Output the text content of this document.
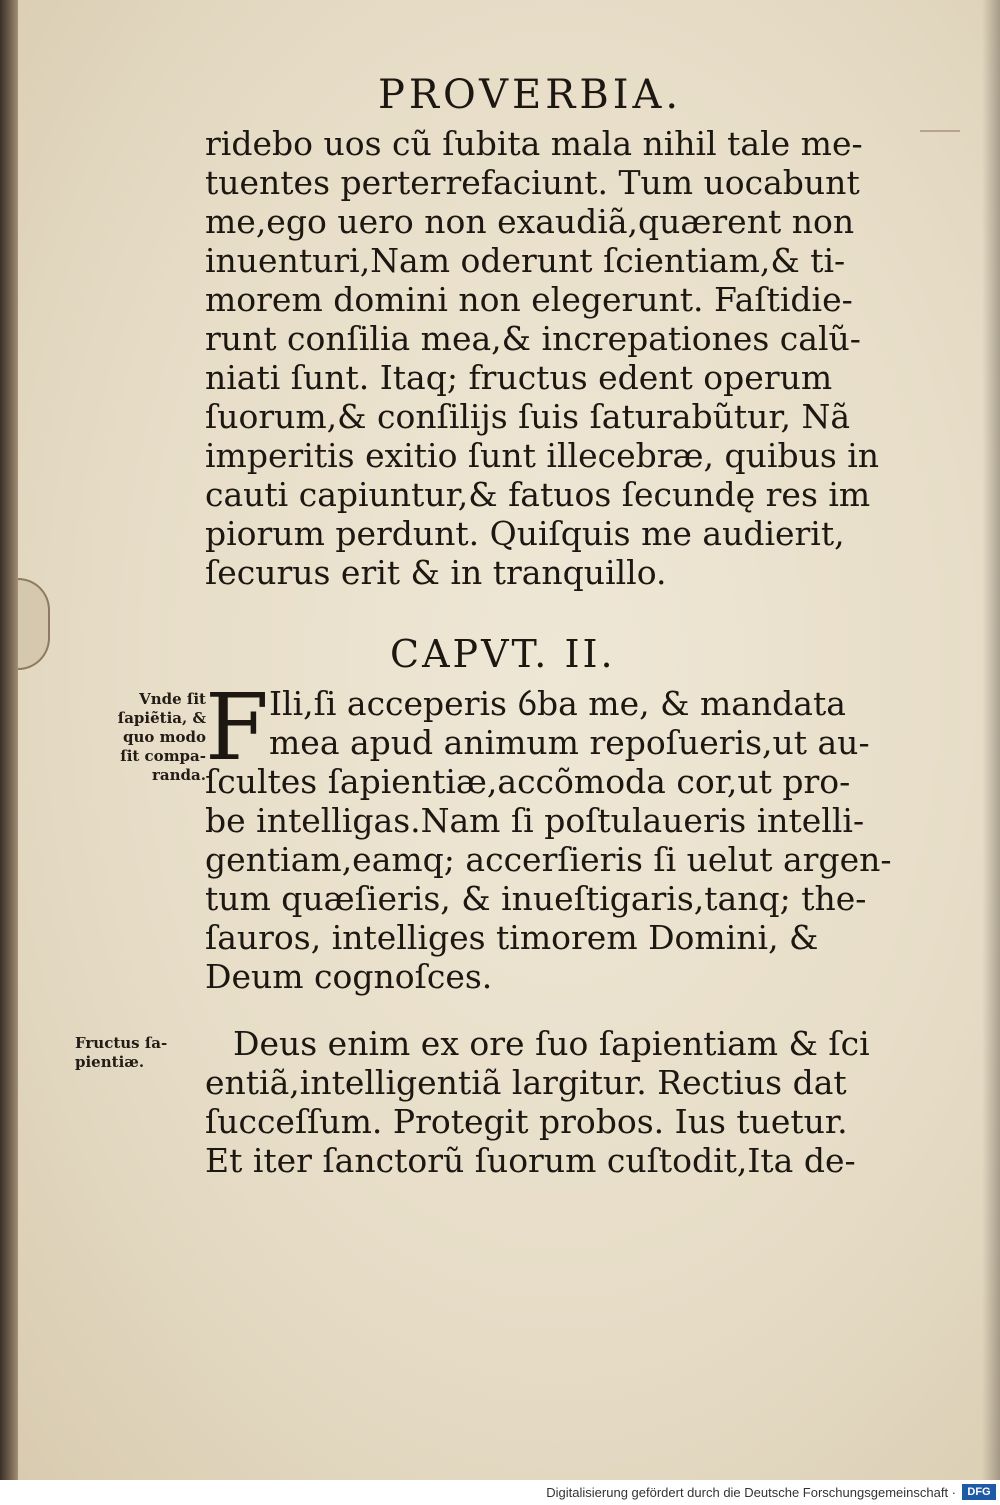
PROVERBIA.
ridebo uos cũ ſubita mala nihil tale me-
tuentes perterrefaciunt. Tum uocabunt
me,ego uero non exaudiã,quærent non
inuenturi,Nam oderunt ſcientiam,& ti-
morem domini non elegerunt. Faſtidie-
runt conſilia mea,& increpationes calũ-
niati ſunt. Itaq; fructus edent operum
ſuorum,& conſilijs ſuis ſaturabũtur, Nã
imperitis exitio ſunt illecebræ, quibus in
cauti capiuntur,& fatuos ſecundę res im
piorum perdunt. Quiſquis me audierit,
ſecurus erit & in tranquillo.
CAPVT. II.
F Ili,ſi acceperis ỽba me, & mandata
mea apud animum repoſueris,ut au-
ſcultes ſapientiæ,accõmoda cor,ut pro-
be intelligas.Nam ſi poſtulaueris intelli-
gentiam,eamq; accerſieris ſi uelut argen-
tum quæſieris, & inueſtigaris,tanq; the-
ſauros, intelliges timorem Domini, &
Deum cognoſces.
Deus enim ex ore ſuo ſapientiam & ſci
entiã,intelligentiã largitur. Rectius dat
ſucceſſum. Protegit probos. Ius tuetur.
Et iter ſanctorũ ſuorum cuſtodit,Ita de-
Vnde ſit
ſapiẽtia, &
quo modo
ſit compa-
randa.
Fructus ſa-
pientiæ.
Digitalisierung gefördert durch die Deutsche Forschungsgemeinschaft ·	DFG
